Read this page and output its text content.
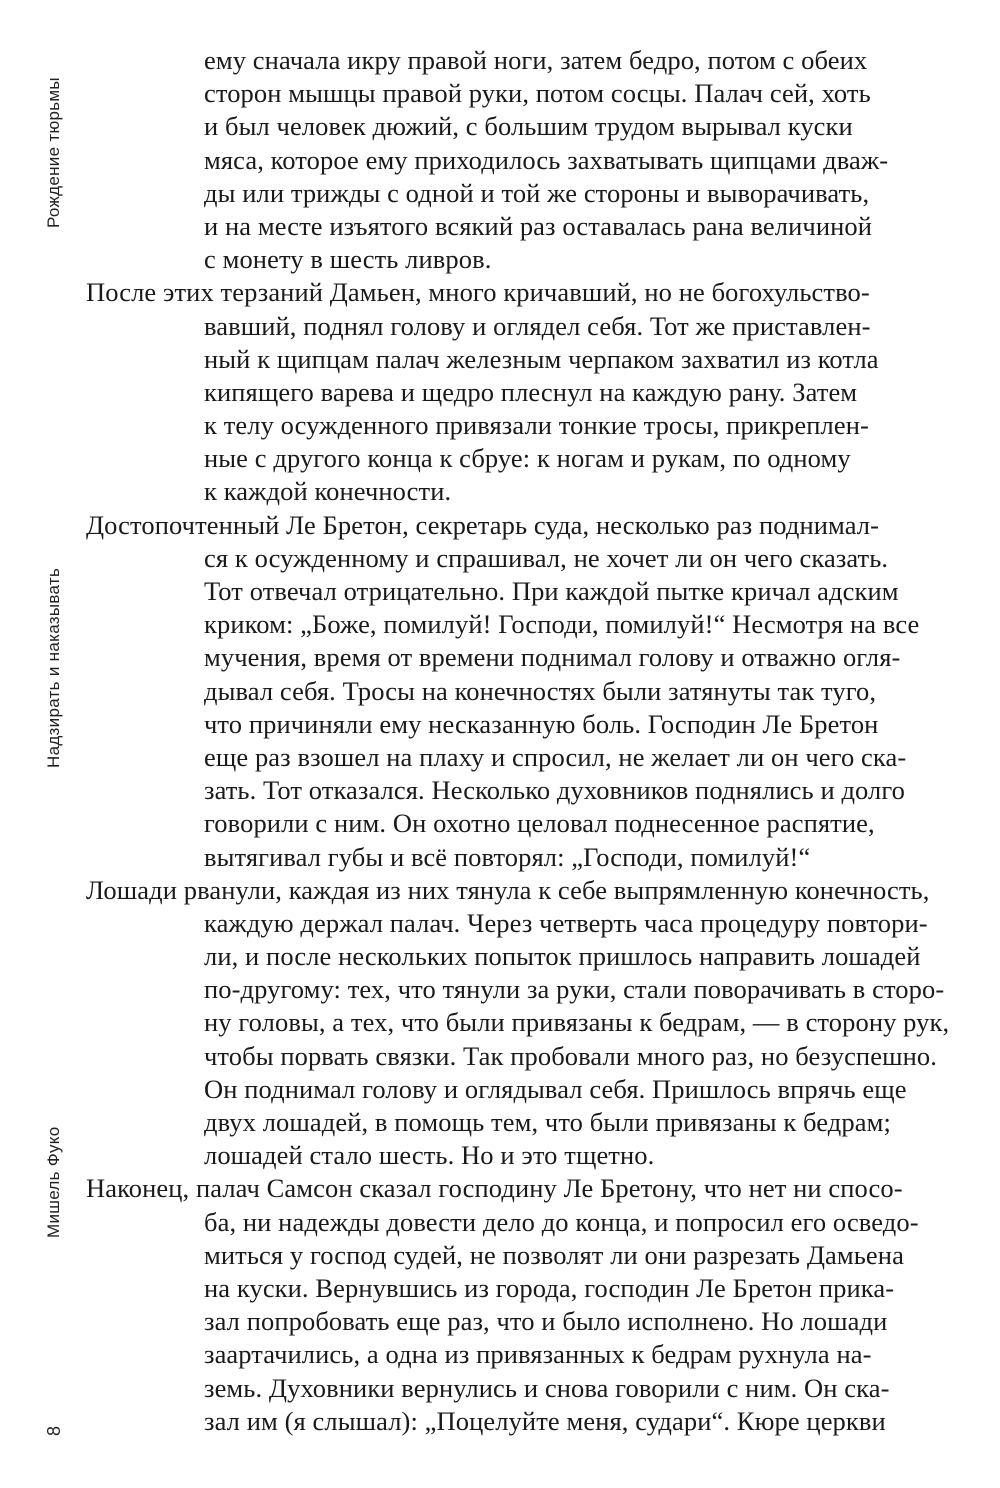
Рождение тюрьмы
Надзирать и наказывать
Мишель Фуко
8
ему сначала икру правой ноги, затем бедро, потом с обеих
сторон мышцы правой руки, потом сосцы. Палач сей, хоть
и был человек дюжий, с большим трудом вырывал куски
мяса, которое ему приходилось захватывать щипцами дваж-
ды или трижды с одной и той же стороны и выворачивать,
и на месте изъятого всякий раз оставалась рана величиной
с монету в шесть ливров.
После этих терзаний Дамьен, много кричавший, но не богохульство-
вавший, поднял голову и оглядел себя. Тот же приставлен-
ный к щипцам палач железным черпаком захватил из котла
кипящего варева и щедро плеснул на каждую рану. Затем
к телу осужденного привязали тонкие тросы, прикреплен-
ные с другого конца к сбруе: к ногам и рукам, по одному
к каждой конечности.
Достопочтенный Ле Бретон, секретарь суда, несколько раз поднимал-
ся к осужденному и спрашивал, не хочет ли он чего сказать.
Тот отвечал отрицательно. При каждой пытке кричал адским
криком: „Боже, помилуй! Господи, помилуй!“ Несмотря на все
мучения, время от времени поднимал голову и отважно огля-
дывал себя. Тросы на конечностях были затянуты так туго,
что причиняли ему несказанную боль. Господин Ле Бретон
еще раз взошел на плаху и спросил, не желает ли он чего ска-
зать. Тот отказался. Несколько духовников поднялись и долго
говорили с ним. Он охотно целовал поднесенное распятие,
вытягивал губы и всё повторял: „Господи, помилуй!“
Лошади рванули, каждая из них тянула к себе выпрямленную конечность,
каждую держал палач. Через четверть часа процедуру повтори-
ли, и после нескольких попыток пришлось направить лошадей
по-другому: тех, что тянули за руки, стали поворачивать в сторо-
ну головы, а тех, что были привязаны к бедрам, — в сторону рук,
чтобы порвать связки. Так пробовали много раз, но безуспешно.
Он поднимал голову и оглядывал себя. Пришлось впрячь еще
двух лошадей, в помощь тем, что были привязаны к бедрам;
лошадей стало шесть. Но и это тщетно.
Наконец, палач Самсон сказал господину Ле Бретону, что нет ни спосо-
ба, ни надежды довести дело до конца, и попросил его осведо-
миться у господ судей, не позволят ли они разрезать Дамьена
на куски. Вернувшись из города, господин Ле Бретон прика-
зал попробовать еще раз, что и было исполнено. Но лошади
заартачились, а одна из привязанных к бедрам рухнула на-
земь. Духовники вернулись и снова говорили с ним. Он ска-
зал им (я слышал): „Поцелуйте меня, судари“. Кюре церкви
